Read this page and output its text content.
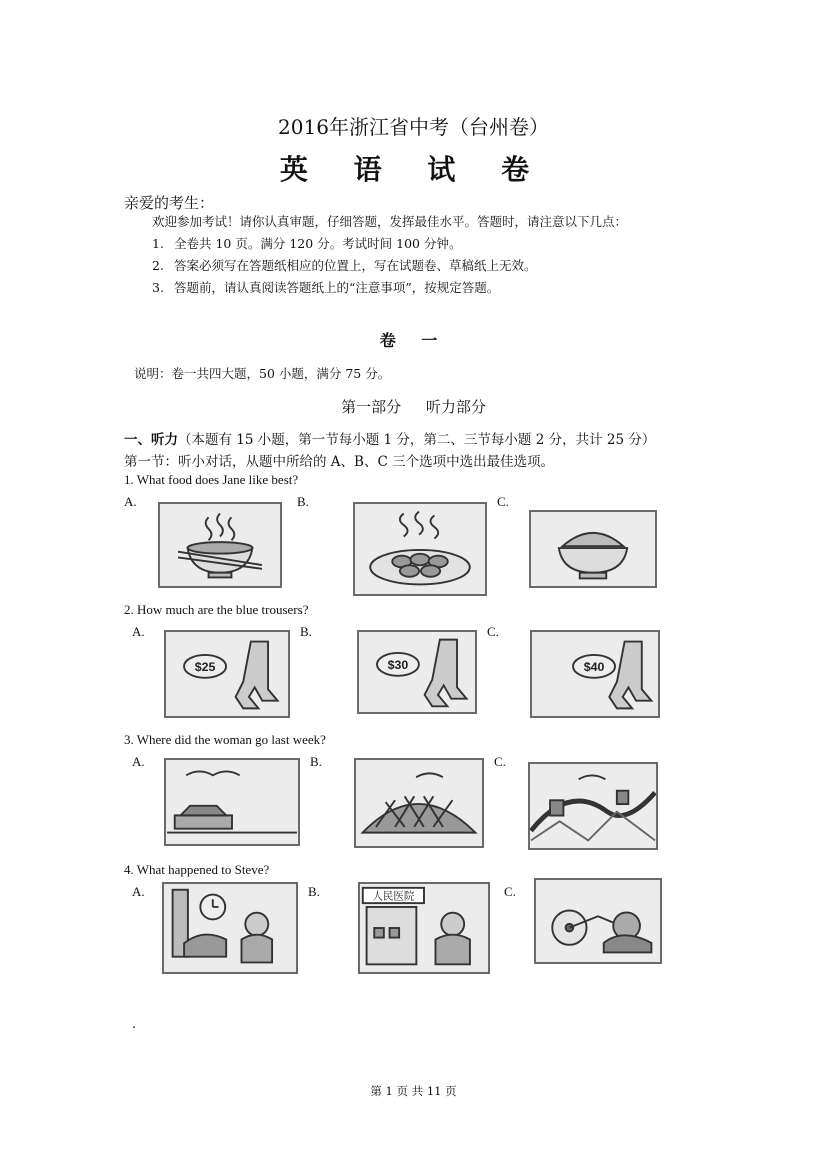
2016年浙江省中考（台州卷）
英 语 试 卷
亲爱的考生：
欢迎参加考试！请你认真审题，仔细答题，发挥最佳水平。答题时，请注意以下几点：
1. 全卷共 10 页。满分 120 分。考试时间 100 分钟。
2. 答案必须写在答题纸相应的位置上，写在试题卷、草稿纸上无效。
3. 答题前，请认真阅读答题纸上的“注意事项”，按规定答题。
卷 一
说明：卷一共四大题，50 小题，满分 75 分。
第一部分 听力部分
一、听力（本题有 15 小题，第一节每小题 1 分，第二、三节每小题 2 分，共计 25 分）
第一节：听小对话，从题中所给的 A、B、C 三个选项中选出最佳选项。
1. What food does Jane like best?
A.	B.	C.
2. How much are the blue trousers?
A.	B.	C.
$25	$30	$40
3. Where did the woman go last week?
A.	B.	C.
4. What happened to Steve?
A.	B.	C.
人民医院
.
第 1 页 共 11 页
